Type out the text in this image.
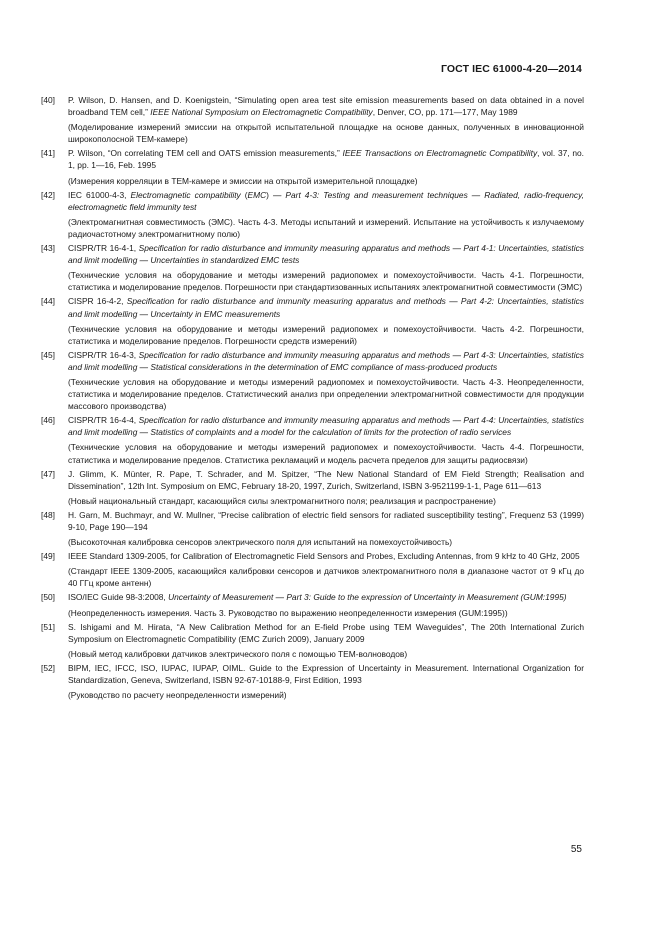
ГОСТ IEC 61000-4-20—2014
[40] P. Wilson, D. Hansen, and D. Koenigstein, “Simulating open area test site emission measurements based on data obtained in a novel broadband TEM cell,” IEEE National Symposium on Electromagnetic Compatibility, Denver, CO, pp. 171—177, May 1989
(Моделирование измерений эмиссии на открытой испытательной площадке на основе данных, полученных в инновационной широкополосной TEM-камере)
[41] P. Wilson, “On correlating TEM cell and OATS emission measurements,” IEEE Transactions on Electromagnetic Compatibility, vol. 37, no. 1, pp. 1—16, Feb. 1995
(Измерения корреляции в TEM-камере и эмиссии на открытой измерительной площадке)
[42] IEC 61000-4-3, Electromagnetic compatibility (EMC) — Part 4-3: Testing and measurement techniques — Radiated, radio-frequency, electromagnetic field immunity test
(Электромагнитная совместимость (ЭМС). Часть 4-3. Методы испытаний и измерений. Испытание на устойчивость к излучаемому радиочастотному электромагнитному полю)
[43] CISPR/TR 16-4-1, Specification for radio disturbance and immunity measuring apparatus and methods — Part 4-1: Uncertainties, statistics and limit modelling — Uncertainties in standardized EMC tests
(Технические условия на оборудование и методы измерений радиопомех и помехоустойчивости. Часть 4-1. Погрешности, статистика и моделирование пределов. Погрешности при стандартизованных испытаниях электромагнитной совместимости (ЭМС)
[44] CISPR 16-4-2, Specification for radio disturbance and immunity measuring apparatus and methods — Part 4-2: Uncertainties, statistics and limit modelling — Uncertainty in EMC measurements
(Технические условия на оборудование и методы измерений радиопомех и помехоустойчивости. Часть 4-2. Погрешности, статистика и моделирование пределов. Погрешности средств измерений)
[45] CISPR/TR 16-4-3, Specification for radio disturbance and immunity measuring apparatus and methods — Part 4-3: Uncertainties, statistics and limit modelling — Statistical considerations in the determination of EMC compliance of mass-produced products
(Технические условия на оборудование и методы измерений радиопомех и помехоустойчивости. Часть 4-3. Неопределенности, статистика и моделирование пределов. Статистический анализ при определении электромагнитной совместимости для продукции массового производства)
[46] CISPR/TR 16-4-4, Specification for radio disturbance and immunity measuring apparatus and methods — Part 4-4: Uncertainties, statistics and limit modelling — Statistics of complaints and a model for the calculation of limits for the protection of radio services
(Технические условия на оборудование и методы измерений радиопомех и помехоустойчивости. Часть 4-4. Погрешности, статистика и моделирование пределов. Статистика рекламаций и модель расчета пределов для защиты радиосвязи)
[47] J. Glimm, K. Münter, R. Pape, T. Schrader, and M. Spitzer, “The New National Standard of EM Field Strength; Realisation and Dissemination”, 12th Int. Symposium on EMC, February 18-20, 1997, Zurich, Switzerland, ISBN 3-9521199-1-1, Page 611—613
(Новый национальный стандарт, касающийся силы электромагнитного поля; реализация и распространение)
[48] H. Garn, M. Buchmayr, and W. Mullner, “Precise calibration of electric field sensors for radiated susceptibility testing”, Frequenz 53 (1999) 9-10, Page 190—194
(Высокоточная калибровка сенсоров электрического поля для испытаний на помехоустойчивость)
[49] IEEE Standard 1309-2005, for Calibration of Electromagnetic Field Sensors and Probes, Excluding Antennas, from 9 kHz to 40 GHz, 2005
(Стандарт IEEE 1309-2005, касающийся калибровки сенсоров и датчиков электромагнитного поля в диапазоне частот от 9 кГц до 40 ГГц кроме антенн)
[50] ISO/IEC Guide 98-3:2008, Uncertainty of Measurement — Part 3: Guide to the expression of Uncertainty in Measurement (GUM:1995)
(Неопределенность измерения. Часть 3. Руководство по выражению неопределенности измерения (GUM:1995))
[51] S. Ishigami and M. Hirata, “A New Calibration Method for an E-field Probe using TEM Waveguides”, The 20th International Zurich Symposium on Electromagnetic Compatibility (EMC Zurich 2009), January 2009
(Новый метод калибровки датчиков электрического поля с помощью TEM-волноводов)
[52] BIPM, IEC, IFCC, ISO, IUPAC, IUPAP, OIML. Guide to the Expression of Uncertainty in Measurement. International Organization for Standardization, Geneva, Switzerland, ISBN 92-67-10188-9, First Edition, 1993
(Руководство по расчету неопределенности измерений)
55
